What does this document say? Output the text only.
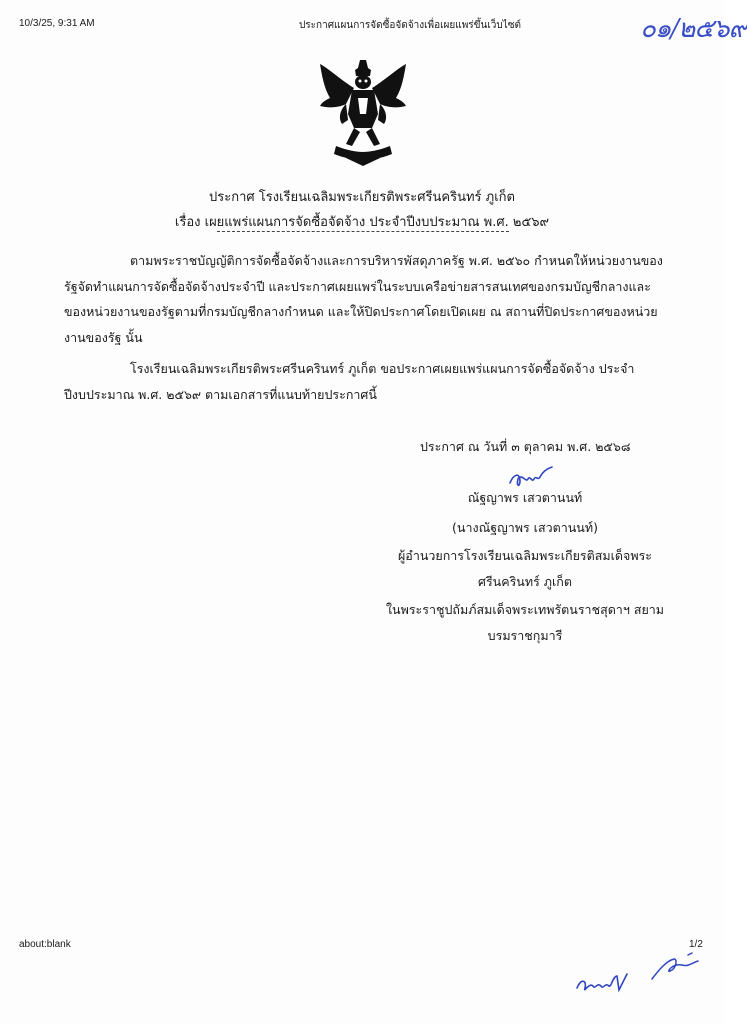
10/3/25, 9:31 AM	ประกาศแผนการจัดซื้อจัดจ้างเพื่อเผยแพร่ขึ้นเว็บไซต์	๐๑/๒๕๖๙
ประกาศ โรงเรียนเฉลิมพระเกียรติพระศรีนครินทร์ ภูเก็ต
เรื่อง เผยแพร่แผนการจัดซื้อจัดจ้าง ประจำปีงบประมาณ พ.ศ. ๒๕๖๙
ตามพระราชบัญญัติการจัดซื้อจัดจ้างและการบริหารพัสดุภาครัฐ พ.ศ. ๒๕๖๐ กำหนดให้หน่วยงานของรัฐจัดทำแผนการจัดซื้อจัดจ้างประจำปี และประกาศเผยแพร่ในระบบเครือข่ายสารสนเทศของกรมบัญชีกลางและของหน่วยงานของรัฐตามที่กรมบัญชีกลางกำหนด และให้ปิดประกาศโดยเปิดเผย ณ สถานที่ปิดประกาศของหน่วยงานของรัฐ นั้น
โรงเรียนเฉลิมพระเกียรติพระศรีนครินทร์ ภูเก็ต ขอประกาศเผยแพร่แผนการจัดซื้อจัดจ้าง ประจำปีงบประมาณ พ.ศ. ๒๕๖๙ ตามเอกสารที่แนบท้ายประกาศนี้
ประกาศ ณ วันที่ ๓ ตุลาคม พ.ศ. ๒๕๖๘
ณัฐญาพร เสวตานนท์
(นางณัฐญาพร เสวตานนท์)
ผู้อำนวยการโรงเรียนเฉลิมพระเกียรติสมเด็จพระ
ศรีนครินทร์ ภูเก็ต
ในพระราชูปถัมภ์สมเด็จพระเทพรัตนราชสุดาฯ สยาม
บรมราชกุมารี
about:blank	1/2
